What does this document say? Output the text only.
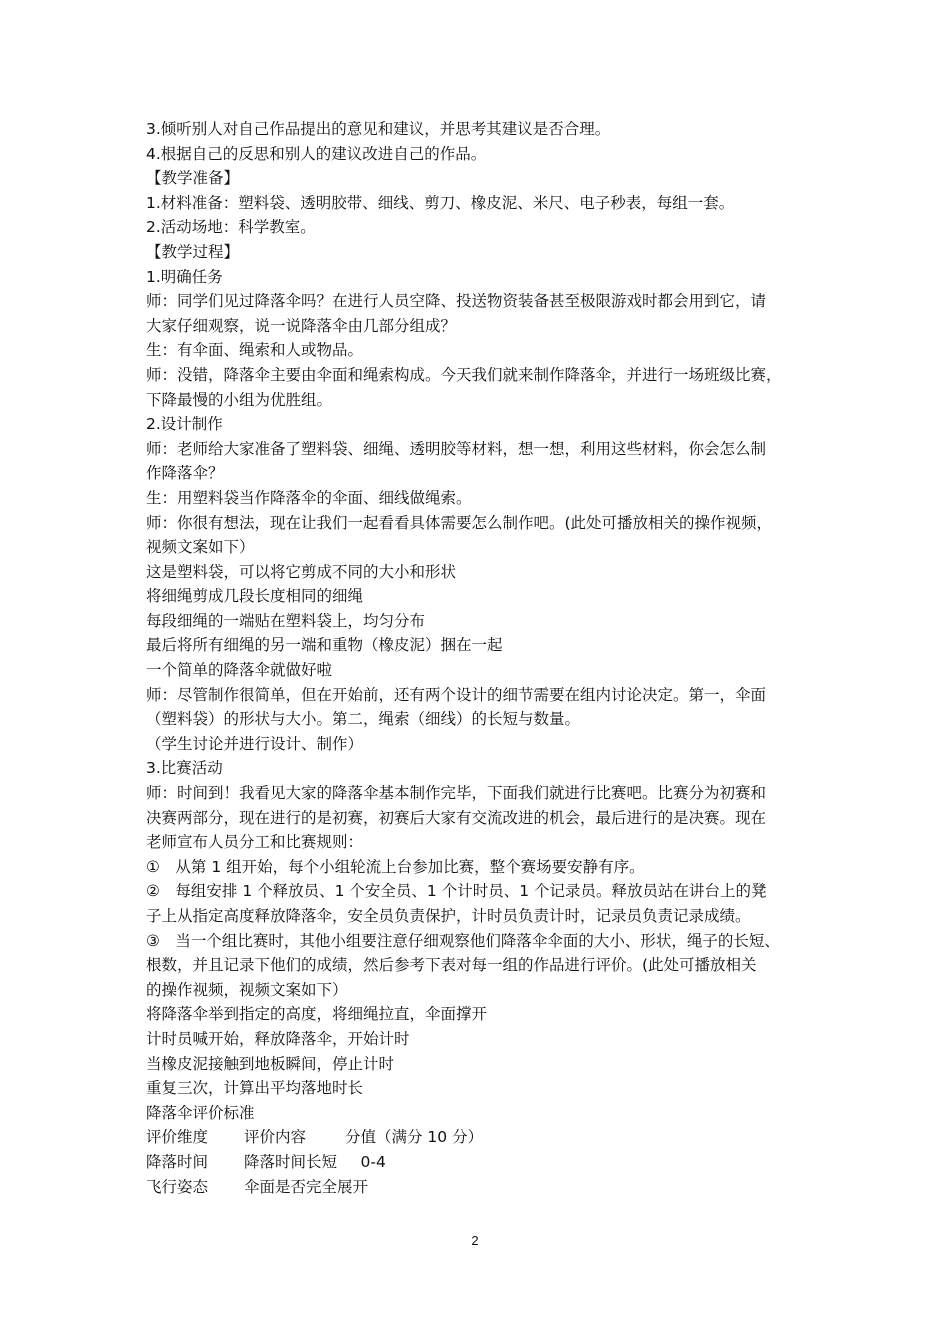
3.倾听别人对自己作品提出的意见和建议，并思考其建议是否合理。
4.根据自己的反思和别人的建议改进自己的作品。
【教学准备】
1.材料准备：塑料袋、透明胶带、细线、剪刀、橡皮泥、米尺、电子秒表，每组一套。
2.活动场地：科学教室。
【教学过程】
1.明确任务
师：同学们见过降落伞吗？在进行人员空降、投送物资装备甚至极限游戏时都会用到它，请
大家仔细观察，说一说降落伞由几部分组成？
生：有伞面、绳索和人或物品。
师：没错，降落伞主要由伞面和绳索构成。今天我们就来制作降落伞，并进行一场班级比赛，
下降最慢的小组为优胜组。
2.设计制作
师：老师给大家准备了塑料袋、细绳、透明胶等材料，想一想，利用这些材料，你会怎么制
作降落伞？
生：用塑料袋当作降落伞的伞面、细线做绳索。
师：你很有想法，现在让我们一起看看具体需要怎么制作吧。(此处可播放相关的操作视频，
视频文案如下）
这是塑料袋，可以将它剪成不同的大小和形状
将细绳剪成几段长度相同的细绳
每段细绳的一端贴在塑料袋上，均匀分布
最后将所有细绳的另一端和重物（橡皮泥）捆在一起
一个简单的降落伞就做好啦
师：尽管制作很简单，但在开始前，还有两个设计的细节需要在组内讨论决定。第一，伞面
（塑料袋）的形状与大小。第二，绳索（细线）的长短与数量。
（学生讨论并进行设计、制作）
3.比赛活动
师：时间到！我看见大家的降落伞基本制作完毕，下面我们就进行比赛吧。比赛分为初赛和
决赛两部分，现在进行的是初赛，初赛后大家有交流改进的机会，最后进行的是决赛。现在
老师宣布人员分工和比赛规则：
①　从第 1 组开始，每个小组轮流上台参加比赛，整个赛场要安静有序。
②　每组安排 1 个释放员、1 个安全员、1 个计时员、1 个记录员。释放员站在讲台上的凳
子上从指定高度释放降落伞，安全员负责保护，计时员负责计时，记录员负责记录成绩。
③　当一个组比赛时，其他小组要注意仔细观察他们降落伞伞面的大小、形状，绳子的长短、
根数，并且记录下他们的成绩，然后参考下表对每一组的作品进行评价。(此处可播放相关
的操作视频，视频文案如下）
将降落伞举到指定的高度，将细绳拉直，伞面撑开
计时员喊开始，释放降落伞，开始计时
当橡皮泥接触到地板瞬间，停止计时
重复三次，计算出平均落地时长
降落伞评价标准
评价维度	评价内容	分值（满分 10 分）
降落时间	降落时间长短 　0-4
飞行姿态	伞面是否完全展开
2
